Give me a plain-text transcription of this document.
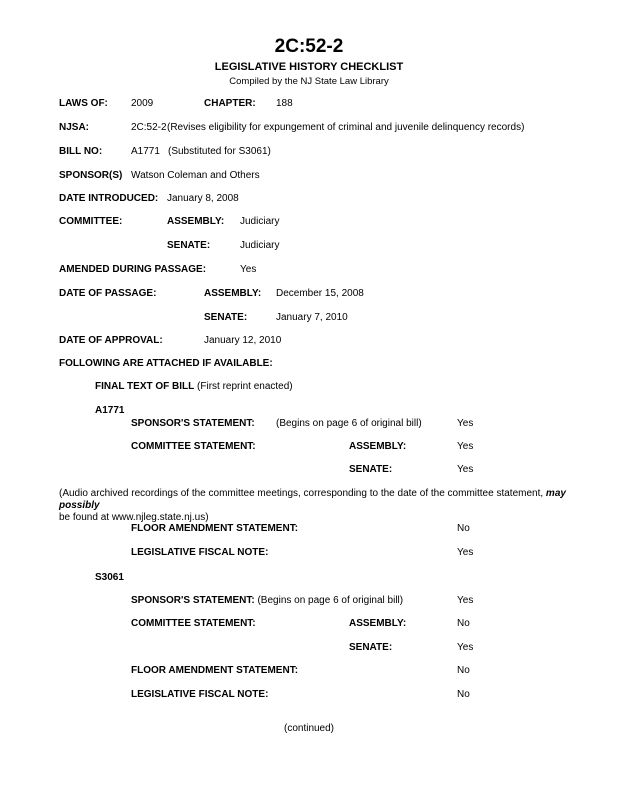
2C:52-2
LEGISLATIVE HISTORY CHECKLIST
Compiled by the NJ State Law Library
LAWS OF: 2009	CHAPTER: 188
NJSA:	2C:52-2 (Revises eligibility for expungement of criminal and juvenile delinquency records)
BILL NO:	A1771 (Substituted for S3061)
SPONSOR(S) Watson Coleman and Others
DATE INTRODUCED: January 8, 2008
COMMITTEE:	ASSEMBLY: Judiciary
SENATE:	Judiciary
AMENDED DURING PASSAGE:	Yes
DATE OF PASSAGE:	ASSEMBLY: December 15, 2008
SENATE:	January 7, 2010
DATE OF APPROVAL:	January 12, 2010
FOLLOWING ARE ATTACHED IF AVAILABLE:
FINAL TEXT OF BILL (First reprint enacted)
A1771
SPONSOR'S STATEMENT: (Begins on page 6 of original bill)	Yes
COMMITTEE STATEMENT:	ASSEMBLY:	Yes
SENATE:	Yes
(Audio archived recordings of the committee meetings, corresponding to the date of the committee statement, may possibly
be found at www.njleg.state.nj.us)
FLOOR AMENDMENT STATEMENT:	No
LEGISLATIVE FISCAL NOTE:	Yes
S3061
SPONSOR'S STATEMENT: (Begins on page 6 of original bill)	Yes
COMMITTEE STATEMENT:	ASSEMBLY:	No
SENATE:	Yes
FLOOR AMENDMENT STATEMENT:	No
LEGISLATIVE FISCAL NOTE:	No
(continued)
